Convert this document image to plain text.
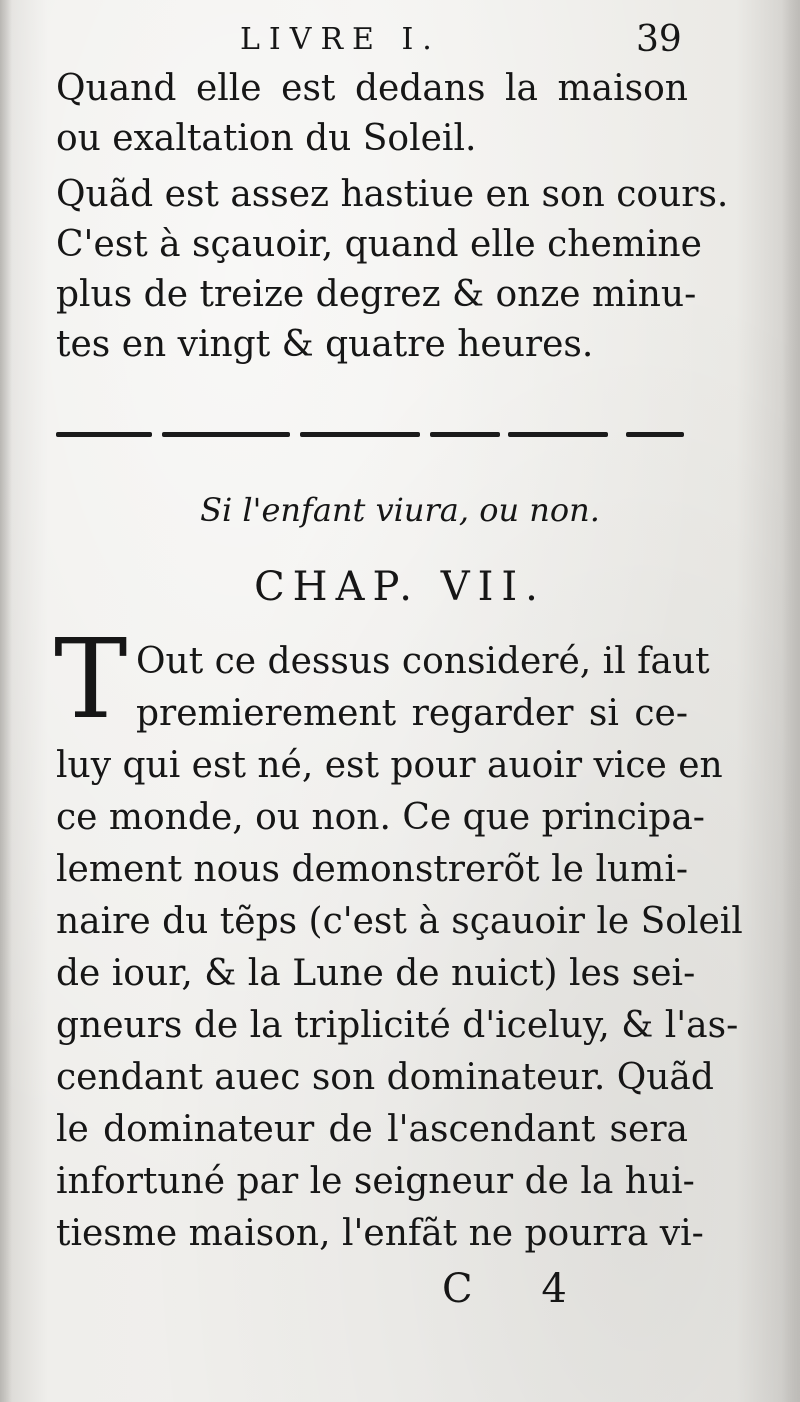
LIVRE I.	39
Quand elle est dedans la maison
ou exaltation du Soleil.
Quãd est assez hastiue en son cours.
C'est à sçauoir, quand elle chemine
plus de treize degrez & onze minu-
tes en vingt & quatre heures.
Si l'enfant viura, ou non.
CHAP. VII.
T Out ce dessus consideré, il faut
premierement regarder si ce-
luy qui est né, est pour auoir vice en
ce monde, ou non. Ce que principa-
lement nous demonstrerõt le lumi-
naire du tẽps (c'est à sçauoir le Soleil
de iour, & la Lune de nuict) les sei-
gneurs de la triplicité d'iceluy, & l'as-
cendant auec son dominateur. Quãd
le dominateur de l'ascendant sera
infortuné par le seigneur de la hui-
tiesme maison, l'enfãt ne pourra vi-
C 4
